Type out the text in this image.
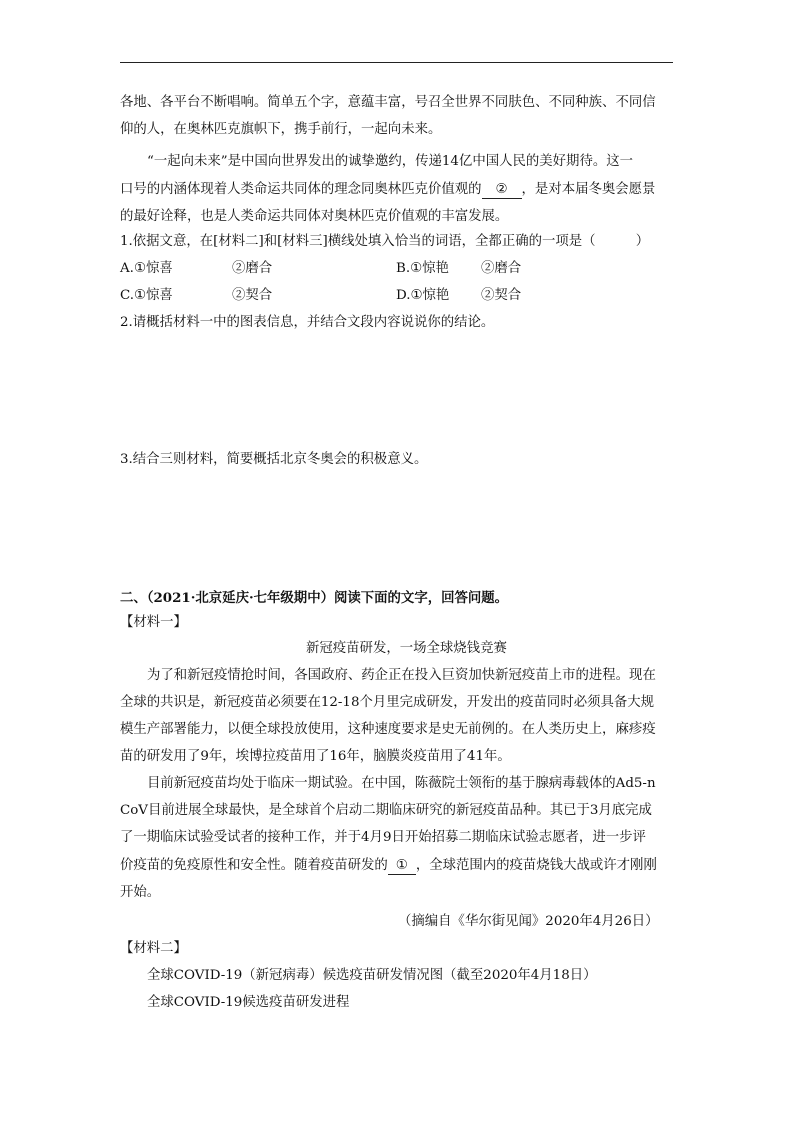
各地、各平台不断唱响。简单五个字，意蕴丰富，号召全世界不同肤色、不同种族、不同信
仰的人，在奥林匹克旗帜下，携手前行，一起向未来。
“一起向未来”是中国向世界发出的诚挚邀约，传递14亿中国人民的美好期待。这一
口号的内涵体现着人类命运共同体的理念同奥林匹克价值观的 ② ，是对本届冬奥会愿景
的最好诠释，也是人类命运共同体对奥林匹克价值观的丰富发展。
1.依据文意，在[材料二]和[材料三]横线处填入恰当的词语，全都正确的一项是（　　　）
A.①惊喜	②磨合	B.①惊艳 ②磨合
C.①惊喜	②契合	D.①惊艳 ②契合
2.请概括材料一中的图表信息，并结合文段内容说说你的结论。
3.结合三则材料，简要概括北京冬奥会的积极意义。
二、（2021·北京延庆·七年级期中）阅读下面的文字，回答问题。
【材料一】
新冠疫苗研发，一场全球烧钱竞赛
为了和新冠疫情抢时间，各国政府、药企正在投入巨资加快新冠疫苗上市的进程。现在
全球的共识是，新冠疫苗必须要在12-18个月里完成研发，开发出的疫苗同时必须具备大规
模生产部署能力，以便全球投放使用，这种速度要求是史无前例的。在人类历史上，麻疹疫
苗的研发用了9年，埃博拉疫苗用了16年，脑膜炎疫苗用了41年。
目前新冠疫苗均处于临床一期试验。在中国，陈薇院士领衔的基于腺病毒载体的Ad5-n
CoV目前进展全球最快，是全球首个启动二期临床研究的新冠疫苗品种。其已于3月底完成
了一期临床试验受试者的接种工作，并于4月9日开始招募二期临床试验志愿者，进一步评
价疫苗的免疫原性和安全性。随着疫苗研发的 ① ，全球范围内的疫苗烧钱大战或许才刚刚
开始。
（摘编自《华尔街见闻》2020年4月26日）
【材料二】
全球COVID-19（新冠病毒）候选疫苗研发情况图（截至2020年4月18日）
全球COVID-19候选疫苗研发进程
